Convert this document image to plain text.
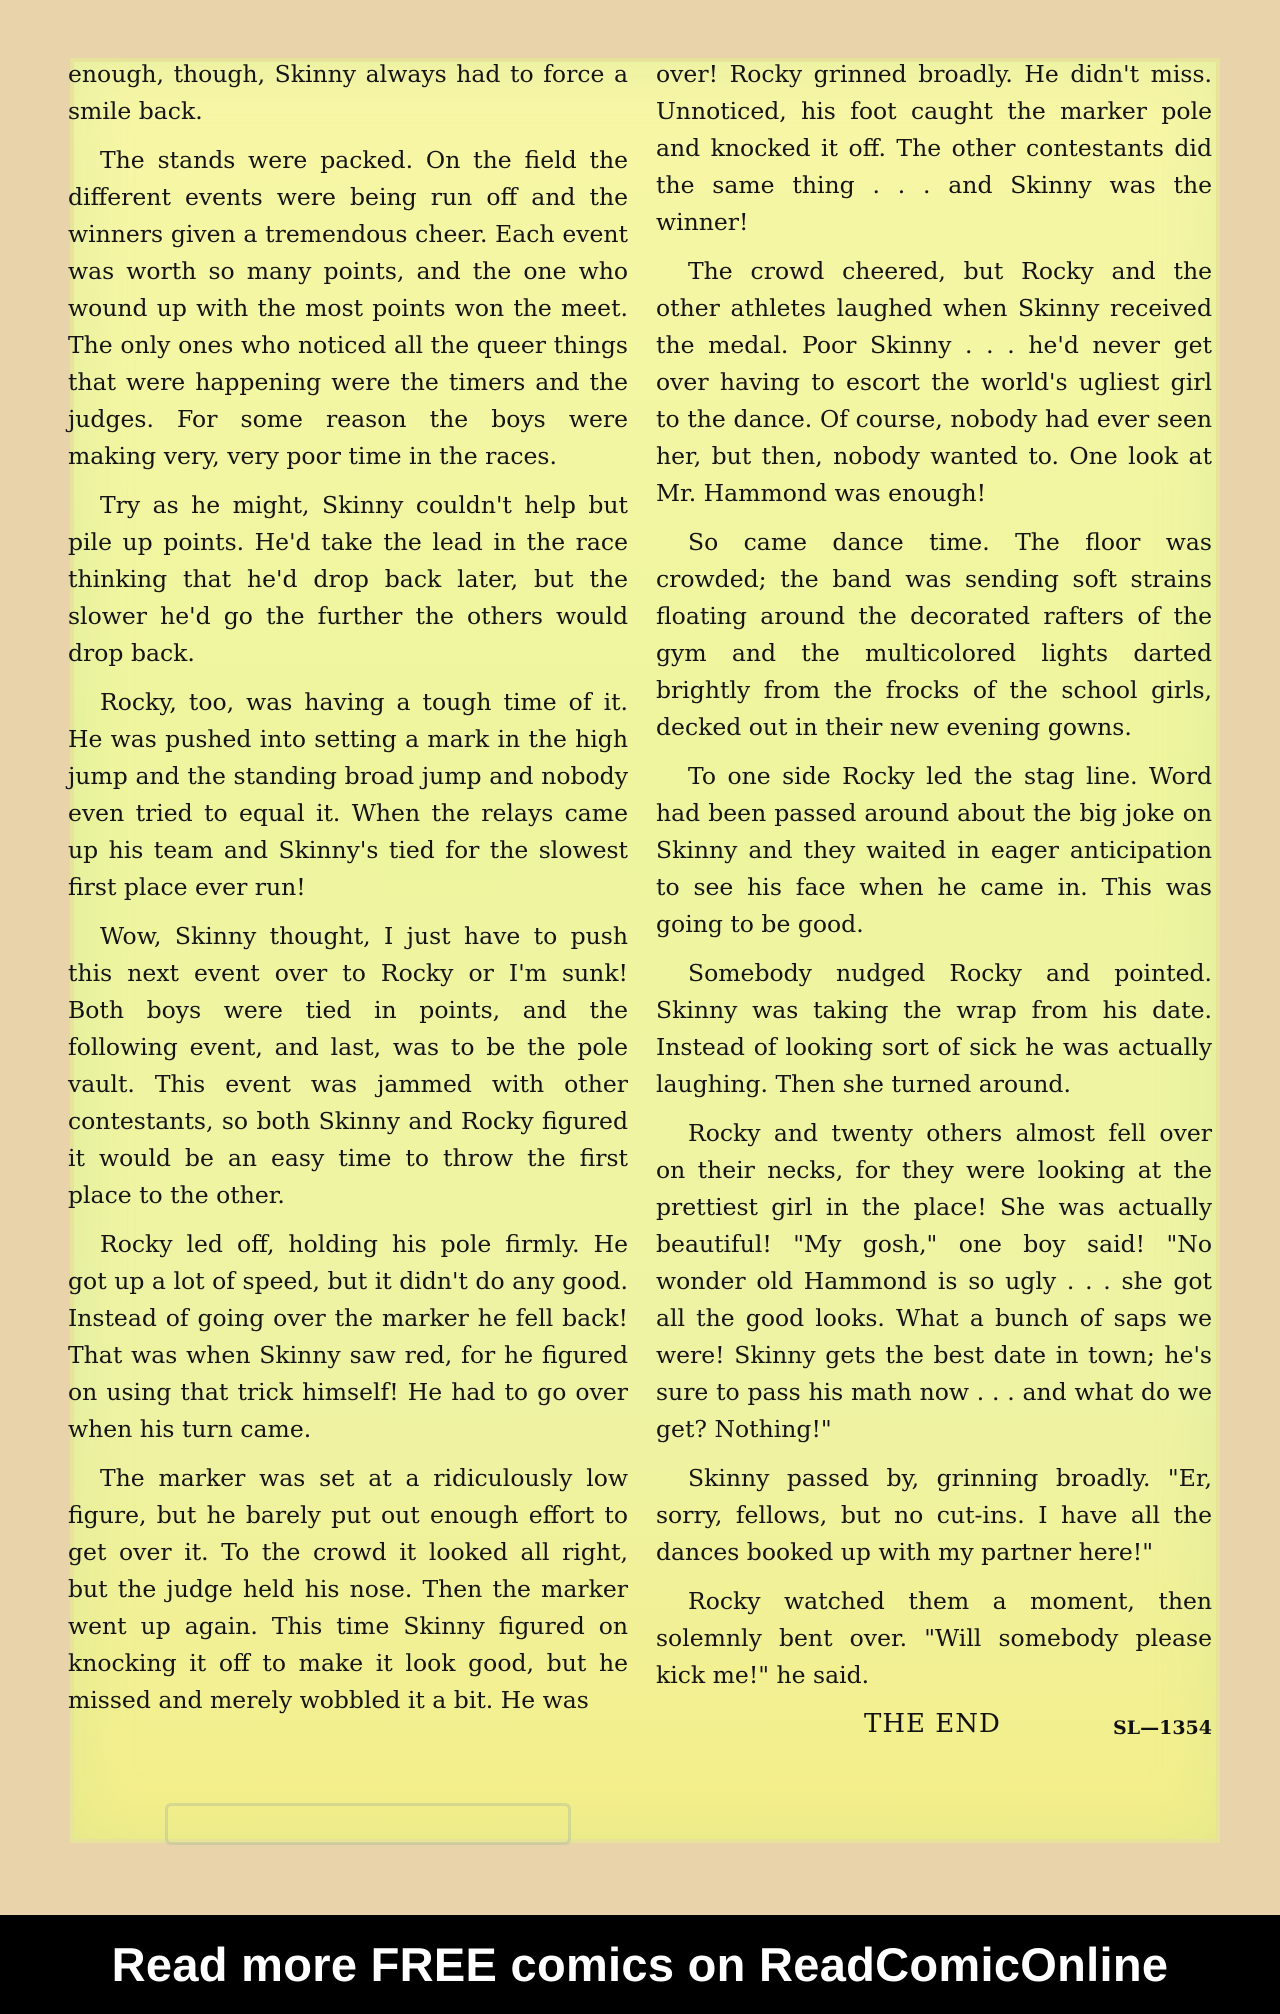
enough, though, Skinny always had to force a smile back.

The stands were packed. On the field the different events were being run off and the winners given a tremendous cheer. Each event was worth so many points, and the one who wound up with the most points won the meet. The only ones who noticed all the queer things that were happening were the timers and the judges. For some reason the boys were making very, very poor time in the races.

Try as he might, Skinny couldn't help but pile up points. He'd take the lead in the race thinking that he'd drop back later, but the slower he'd go the further the others would drop back.

Rocky, too, was having a tough time of it. He was pushed into setting a mark in the high jump and the standing broad jump and nobody even tried to equal it. When the relays came up his team and Skinny's tied for the slowest first place ever run!

Wow, Skinny thought, I just have to push this next event over to Rocky or I'm sunk! Both boys were tied in points, and the following event, and last, was to be the pole vault. This event was jammed with other contestants, so both Skinny and Rocky figured it would be an easy time to throw the first place to the other.

Rocky led off, holding his pole firmly. He got up a lot of speed, but it didn't do any good. Instead of going over the marker he fell back! That was when Skinny saw red, for he figured on using that trick himself! He had to go over when his turn came.

The marker was set at a ridiculously low figure, but he barely put out enough effort to get over it. To the crowd it looked all right, but the judge held his nose. Then the marker went up again. This time Skinny figured on knocking it off to make it look good, but he missed and merely wobbled it a bit. He was

over! Rocky grinned broadly. He didn't miss. Unnoticed, his foot caught the marker pole and knocked it off. The other contestants did the same thing . . . and Skinny was the winner!

The crowd cheered, but Rocky and the other athletes laughed when Skinny received the medal. Poor Skinny . . . he'd never get over having to escort the world's ugliest girl to the dance. Of course, nobody had ever seen her, but then, nobody wanted to. One look at Mr. Hammond was enough!

So came dance time. The floor was crowded; the band was sending soft strains floating around the decorated rafters of the gym and the multicolored lights darted brightly from the frocks of the school girls, decked out in their new evening gowns.

To one side Rocky led the stag line. Word had been passed around about the big joke on Skinny and they waited in eager anticipation to see his face when he came in. This was going to be good.

Somebody nudged Rocky and pointed. Skinny was taking the wrap from his date. Instead of looking sort of sick he was actually laughing. Then she turned around.

Rocky and twenty others almost fell over on their necks, for they were looking at the prettiest girl in the place! She was actually beautiful! "My gosh," one boy said! "No wonder old Hammond is so ugly . . . she got all the good looks. What a bunch of saps we were! Skinny gets the best date in town; he's sure to pass his math now . . . and what do we get? Nothing!"

Skinny passed by, grinning broadly. "Er, sorry, fellows, but no cut-ins. I have all the dances booked up with my partner here!"

Rocky watched them a moment, then solemnly bent over. "Will somebody please kick me!" he said.

THE END	SL—1354
Read more FREE comics on ReadComicOnline
